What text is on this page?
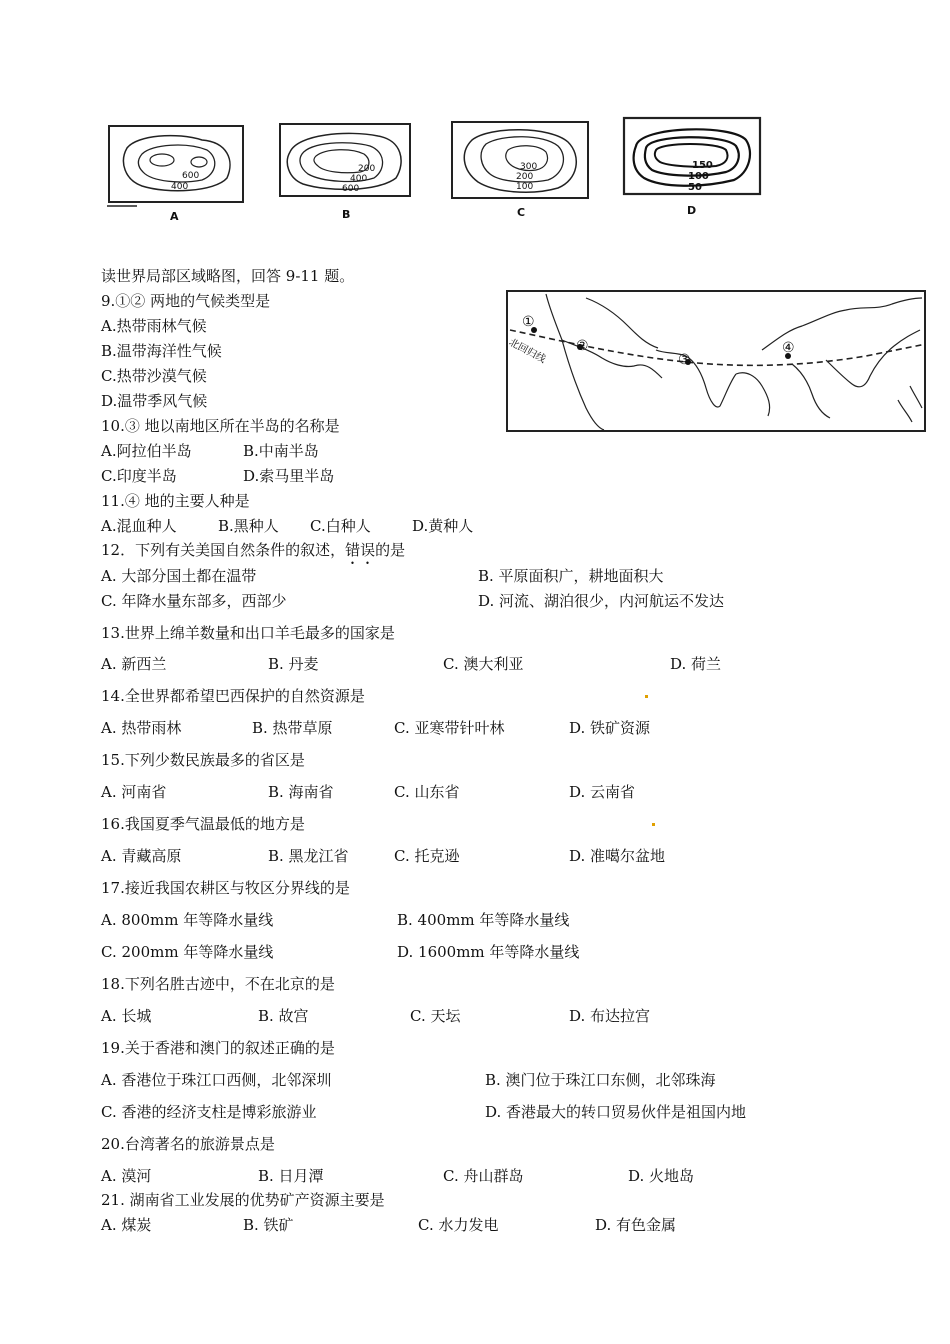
600
400
A
200
400
600
B
300
200
100
C
150
100
50
D
读世界局部区域略图，回答 9-11 题。
①
②
③
④
北回归线
9.①② 两地的气候类型是
A.热带雨林气候
B.温带海洋性气候
C.热带沙漠气候
D.温带季风气候
10.③ 地以南地区所在半岛的名称是
A.阿拉伯半岛	B.中南半岛
C.印度半岛	D.索马里半岛
11.④ 地的主要人种是
A.混血种人	B.黑种人 C.白种人	D.黄种人
12．下列有关美国自然条件的叙述，错误的是
A. 大部分国土都在温带	B. 平原面积广，耕地面积大
C. 年降水量东部多，西部少	D. 河流、湖泊很少，内河航运不发达
13.世界上绵羊数量和出口羊毛最多的国家是
A. 新西兰	B. 丹麦	C. 澳大利亚	D. 荷兰
14.全世界都希望巴西保护的自然资源是
A. 热带雨林	B. 热带草原	C. 亚寒带针叶林	D. 铁矿资源
15.下列少数民族最多的省区是
A. 河南省	B. 海南省	C. 山东省	D. 云南省
16.我国夏季气温最低的地方是
A. 青藏高原	B. 黑龙江省	C. 托克逊	D. 准噶尔盆地
17.接近我国农耕区与牧区分界线的是
A. 800mm 年等降水量线	B. 400mm 年等降水量线
C. 200mm 年等降水量线	D. 1600mm 年等降水量线
18.下列名胜古迹中，不在北京的是
A. 长城	B. 故宫	C. 天坛	D. 布达拉宫
19.关于香港和澳门的叙述正确的是
A. 香港位于珠江口西侧，北邻深圳	B. 澳门位于珠江口东侧，北邻珠海
C. 香港的经济支柱是博彩旅游业	D. 香港最大的转口贸易伙伴是祖国内地
20.台湾著名的旅游景点是
A. 漠河	B. 日月潭	C. 舟山群岛	D. 火地岛
21. 湖南省工业发展的优势矿产资源主要是
A. 煤炭	B. 铁矿	C. 水力发电	D. 有色金属
